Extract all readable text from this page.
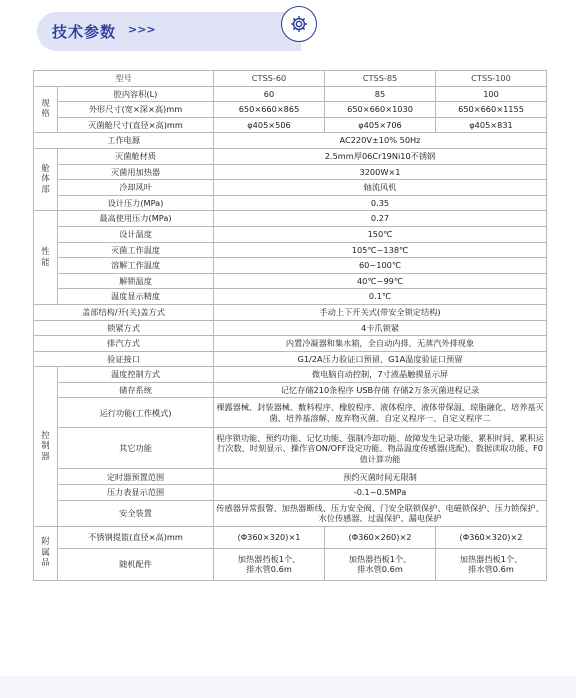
技术参数 >>>
型号		CTSS-60	CTSS-85	CTSS-100

规
格	腔内容积(L)	60	85	100
	外形尺寸(宽×深×高)mm	650×660×865	650×660×1030	650×660×1155
	灭菌舱尺寸(直径×高)mm	φ405×506	φ405×706	φ405×831
工作电源		AC220V±10% 50Hz		

舱
体
部	灭菌舱材质	2.5mm厚06Cr19Ni10不锈钢		
	灭菌用加热器	3200W×1		
	冷却风叶	轴流风机		
	设计压力(MPa)	0.35		

性
能	最高使用压力(MPa)	0.27		
	设计温度	150℃		
	灭菌工作温度	105℃~138℃		
	溶解工作温度	60~100℃		
	解锁温度	40℃~99℃		
	温度显示精度	0.1℃		
盖部结构/开(关)盖方式		手动上下开关式(带安全锁定结构)		
锁紧方式		4卡爪锁紧		
排汽方式		内置冷凝器和集水箱，全自动内排，无蒸汽外排现象		
验证接口		G1/2A压力验证口预留、G1A温度验证口预留		

控
制
器	温度控制方式	微电脑自动控制，7寸液晶触摸显示屏		
	储存系统	记忆存储210条程序 USB存储 存储2万条灭菌进程记录		
	运行功能(工作模式)	裸露器械、封装器械、敷料程序、橡胶程序、液体程序、液体带保温、琼脂融化、培养基灭菌、培养基溶解、废弃物灭菌、自定义程序一、自定义程序二		
	其它功能	程序锁功能、预约功能、记忆功能、强制冷却功能、故障发生记录功能、累积时间、累积运行次数、时刻显示、操作音ON/OFF设定功能、物品温度传感器(选配)、数据读取功能、F0值计算功能		
	定时器预置范围	预约灭菌时间无限制		
	压力表显示范围	-0.1~0.5MPa		
	安全装置	传感器异常报警、加热器断线、压力安全阀、门安全联锁保护、电磁锁保护、压力锁保护、水位传感器、过温保护、漏电保护		

附
属
品	不锈钢提篮(直径×高)mm	(Φ360×320)×1	(Φ360×260)×2	(Φ360×320)×2
	随机配件	加热器挡板1个、
排水管0.6m	加热器挡板1个、
排水管0.6m	加热器挡板1个、
排水管0.6m
